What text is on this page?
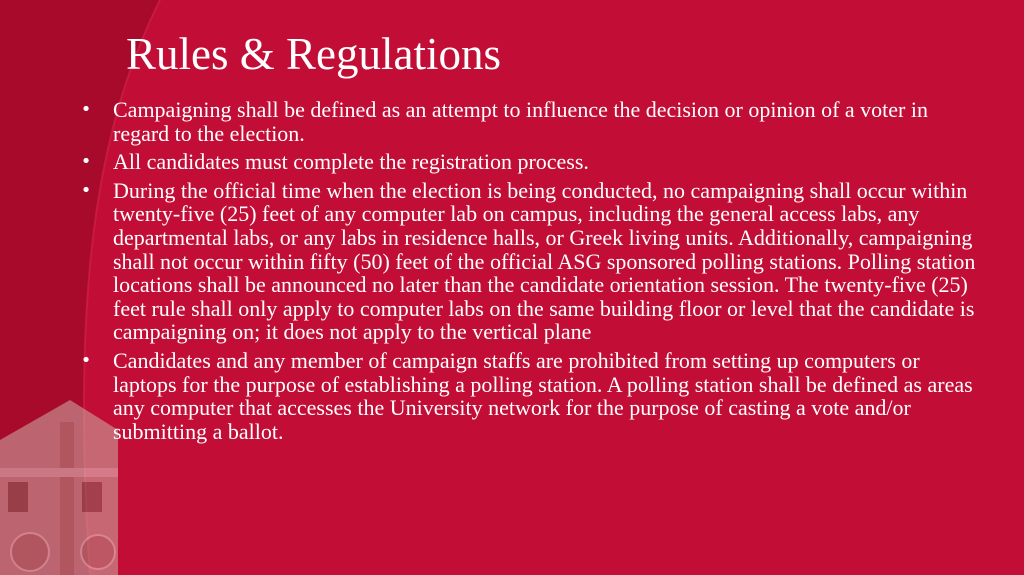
Rules & Regulations
• Campaigning shall be defined as an attempt to influence the decision or opinion of a voter in regard to the election.
• All candidates must complete the registration process.
• During the official time when the election is being conducted, no campaigning shall occur within twenty-five (25) feet of any computer lab on campus, including the general access labs, any departmental labs, or any labs in residence halls, or Greek living units. Additionally, campaigning shall not occur within fifty (50) feet of the official ASG sponsored polling stations. Polling station locations shall be announced no later than the candidate orientation session. The twenty-five (25) feet rule shall only apply to computer labs on the same building floor or level that the candidate is campaigning on; it does not apply to the vertical plane
• Candidates and any member of campaign staffs are prohibited from setting up computers or laptops for the purpose of establishing a polling station. A polling station shall be defined as areas any computer that accesses the University network for the purpose of casting a vote and/or submitting a ballot.
